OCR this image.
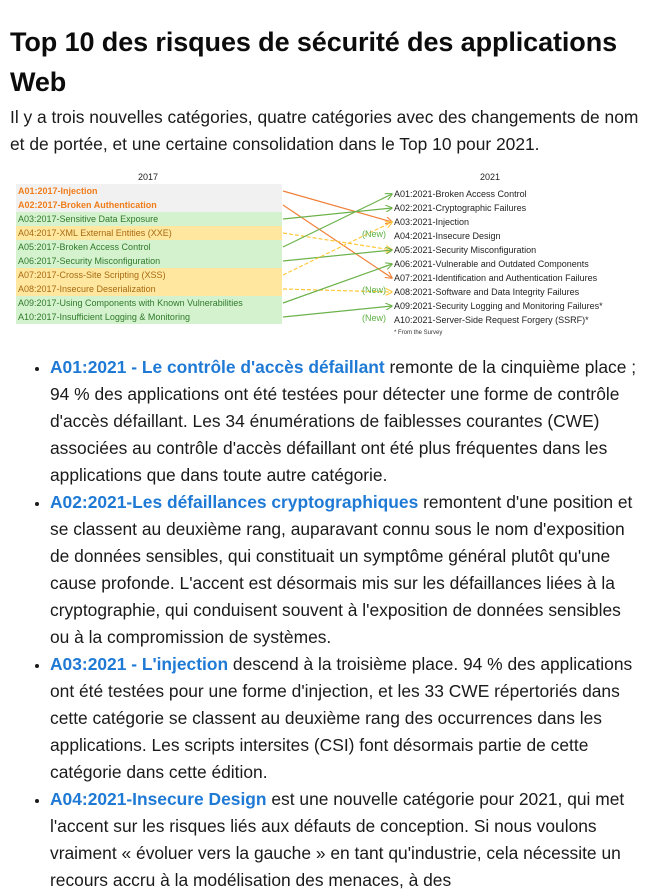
Top 10 des risques de sécurité des applications Web

Il y a trois nouvelles catégories, quatre catégories avec des changements de nom et de portée, et une certaine consolidation dans le Top 10 pour 2021.

2017	2021
A01:2017-Injection
A02:2017-Broken Authentication
A03:2017-Sensitive Data Exposure
A04:2017-XML External Entities (XXE)
A05:2017-Broken Access Control
A06:2017-Security Misconfiguration
A07:2017-Cross-Site Scripting (XSS)
A08:2017-Insecure Deserialization
A09:2017-Using Components with Known Vulnerabilities
A10:2017-Insufficient Logging & Monitoring
A01:2021-Broken Access Control
A02:2021-Cryptographic Failures
A03:2021-Injection
A04:2021-Insecure Design
A05:2021-Security Misconfiguration
A06:2021-Vulnerable and Outdated Components
A07:2021-Identification and Authentication Failures
A08:2021-Software and Data Integrity Failures
A09:2021-Security Logging and Monitoring Failures*
A10:2021-Server-Side Request Forgery (SSRF)*
(New)
(New)
(New)
* From the Survey
• A01:2021 - Le contrôle d'accès défaillant remonte de la cinquième place ; 94 % des applications ont été testées pour détecter une forme de contrôle d'accès défaillant. Les 34 énumérations de faiblesses courantes (CWE) associées au contrôle d'accès défaillant ont été plus fréquentes dans les applications que dans toute autre catégorie.
• A02:2021-Les défaillances cryptographiques remontent d'une position et se classent au deuxième rang, auparavant connu sous le nom d'exposition de données sensibles, qui constituait un symptôme général plutôt qu'une cause profonde. L'accent est désormais mis sur les défaillances liées à la cryptographie, qui conduisent souvent à l'exposition de données sensibles ou à la compromission de systèmes.
• A03:2021 - L'injection descend à la troisième place. 94 % des applications ont été testées pour une forme d'injection, et les 33 CWE répertoriés dans cette catégorie se classent au deuxième rang des occurrences dans les applications. Les scripts intersites (CSI) font désormais partie de cette catégorie dans cette édition.
• A04:2021-Insecure Design est une nouvelle catégorie pour 2021, qui met l'accent sur les risques liés aux défauts de conception. Si nous voulons vraiment « évoluer vers la gauche » en tant qu'industrie, cela nécessite un recours accru à la modélisation des menaces, à des
